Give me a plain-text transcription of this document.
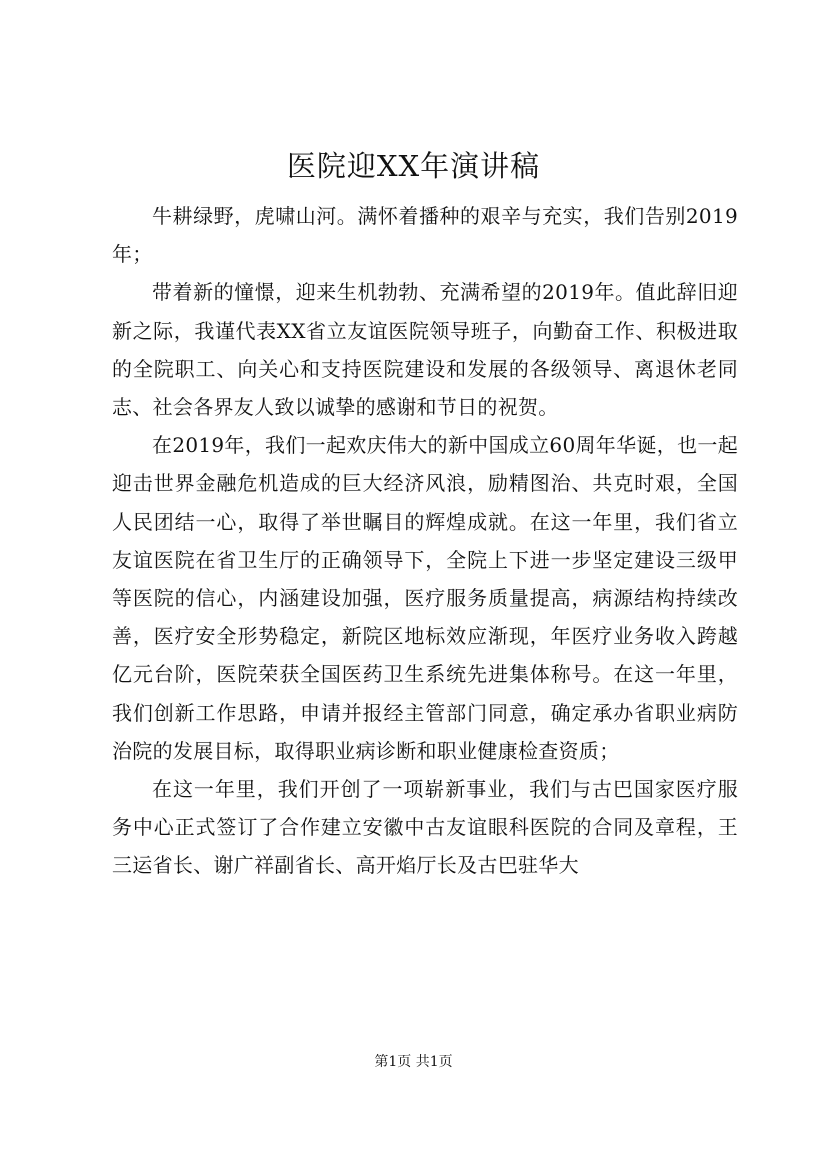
医院迎XX年演讲稿

牛耕绿野，虎啸山河。满怀着播种的艰辛与充实，我们告别2019年；

带着新的憧憬，迎来生机勃勃、充满希望的2019年。值此辞旧迎新之际，我谨代表XX省立友谊医院领导班子，向勤奋工作、积极进取的全院职工、向关心和支持医院建设和发展的各级领导、离退休老同志、社会各界友人致以诚挚的感谢和节日的祝贺。

在2019年，我们一起欢庆伟大的新中国成立60周年华诞，也一起迎击世界金融危机造成的巨大经济风浪，励精图治、共克时艰，全国人民团结一心，取得了举世瞩目的辉煌成就。在这一年里，我们省立友谊医院在省卫生厅的正确领导下，全院上下进一步坚定建设三级甲等医院的信心，内涵建设加强，医疗服务质量提高，病源结构持续改善，医疗安全形势稳定，新院区地标效应渐现，年医疗业务收入跨越亿元台阶，医院荣获全国医药卫生系统先进集体称号。在这一年里，我们创新工作思路，申请并报经主管部门同意，确定承办省职业病防治院的发展目标，取得职业病诊断和职业健康检查资质；

在这一年里，我们开创了一项崭新事业，我们与古巴国家医疗服务中心正式签订了合作建立安徽中古友谊眼科医院的合同及章程，王三运省长、谢广祥副省长、高开焰厅长及古巴驻华大

第1页 共1页
